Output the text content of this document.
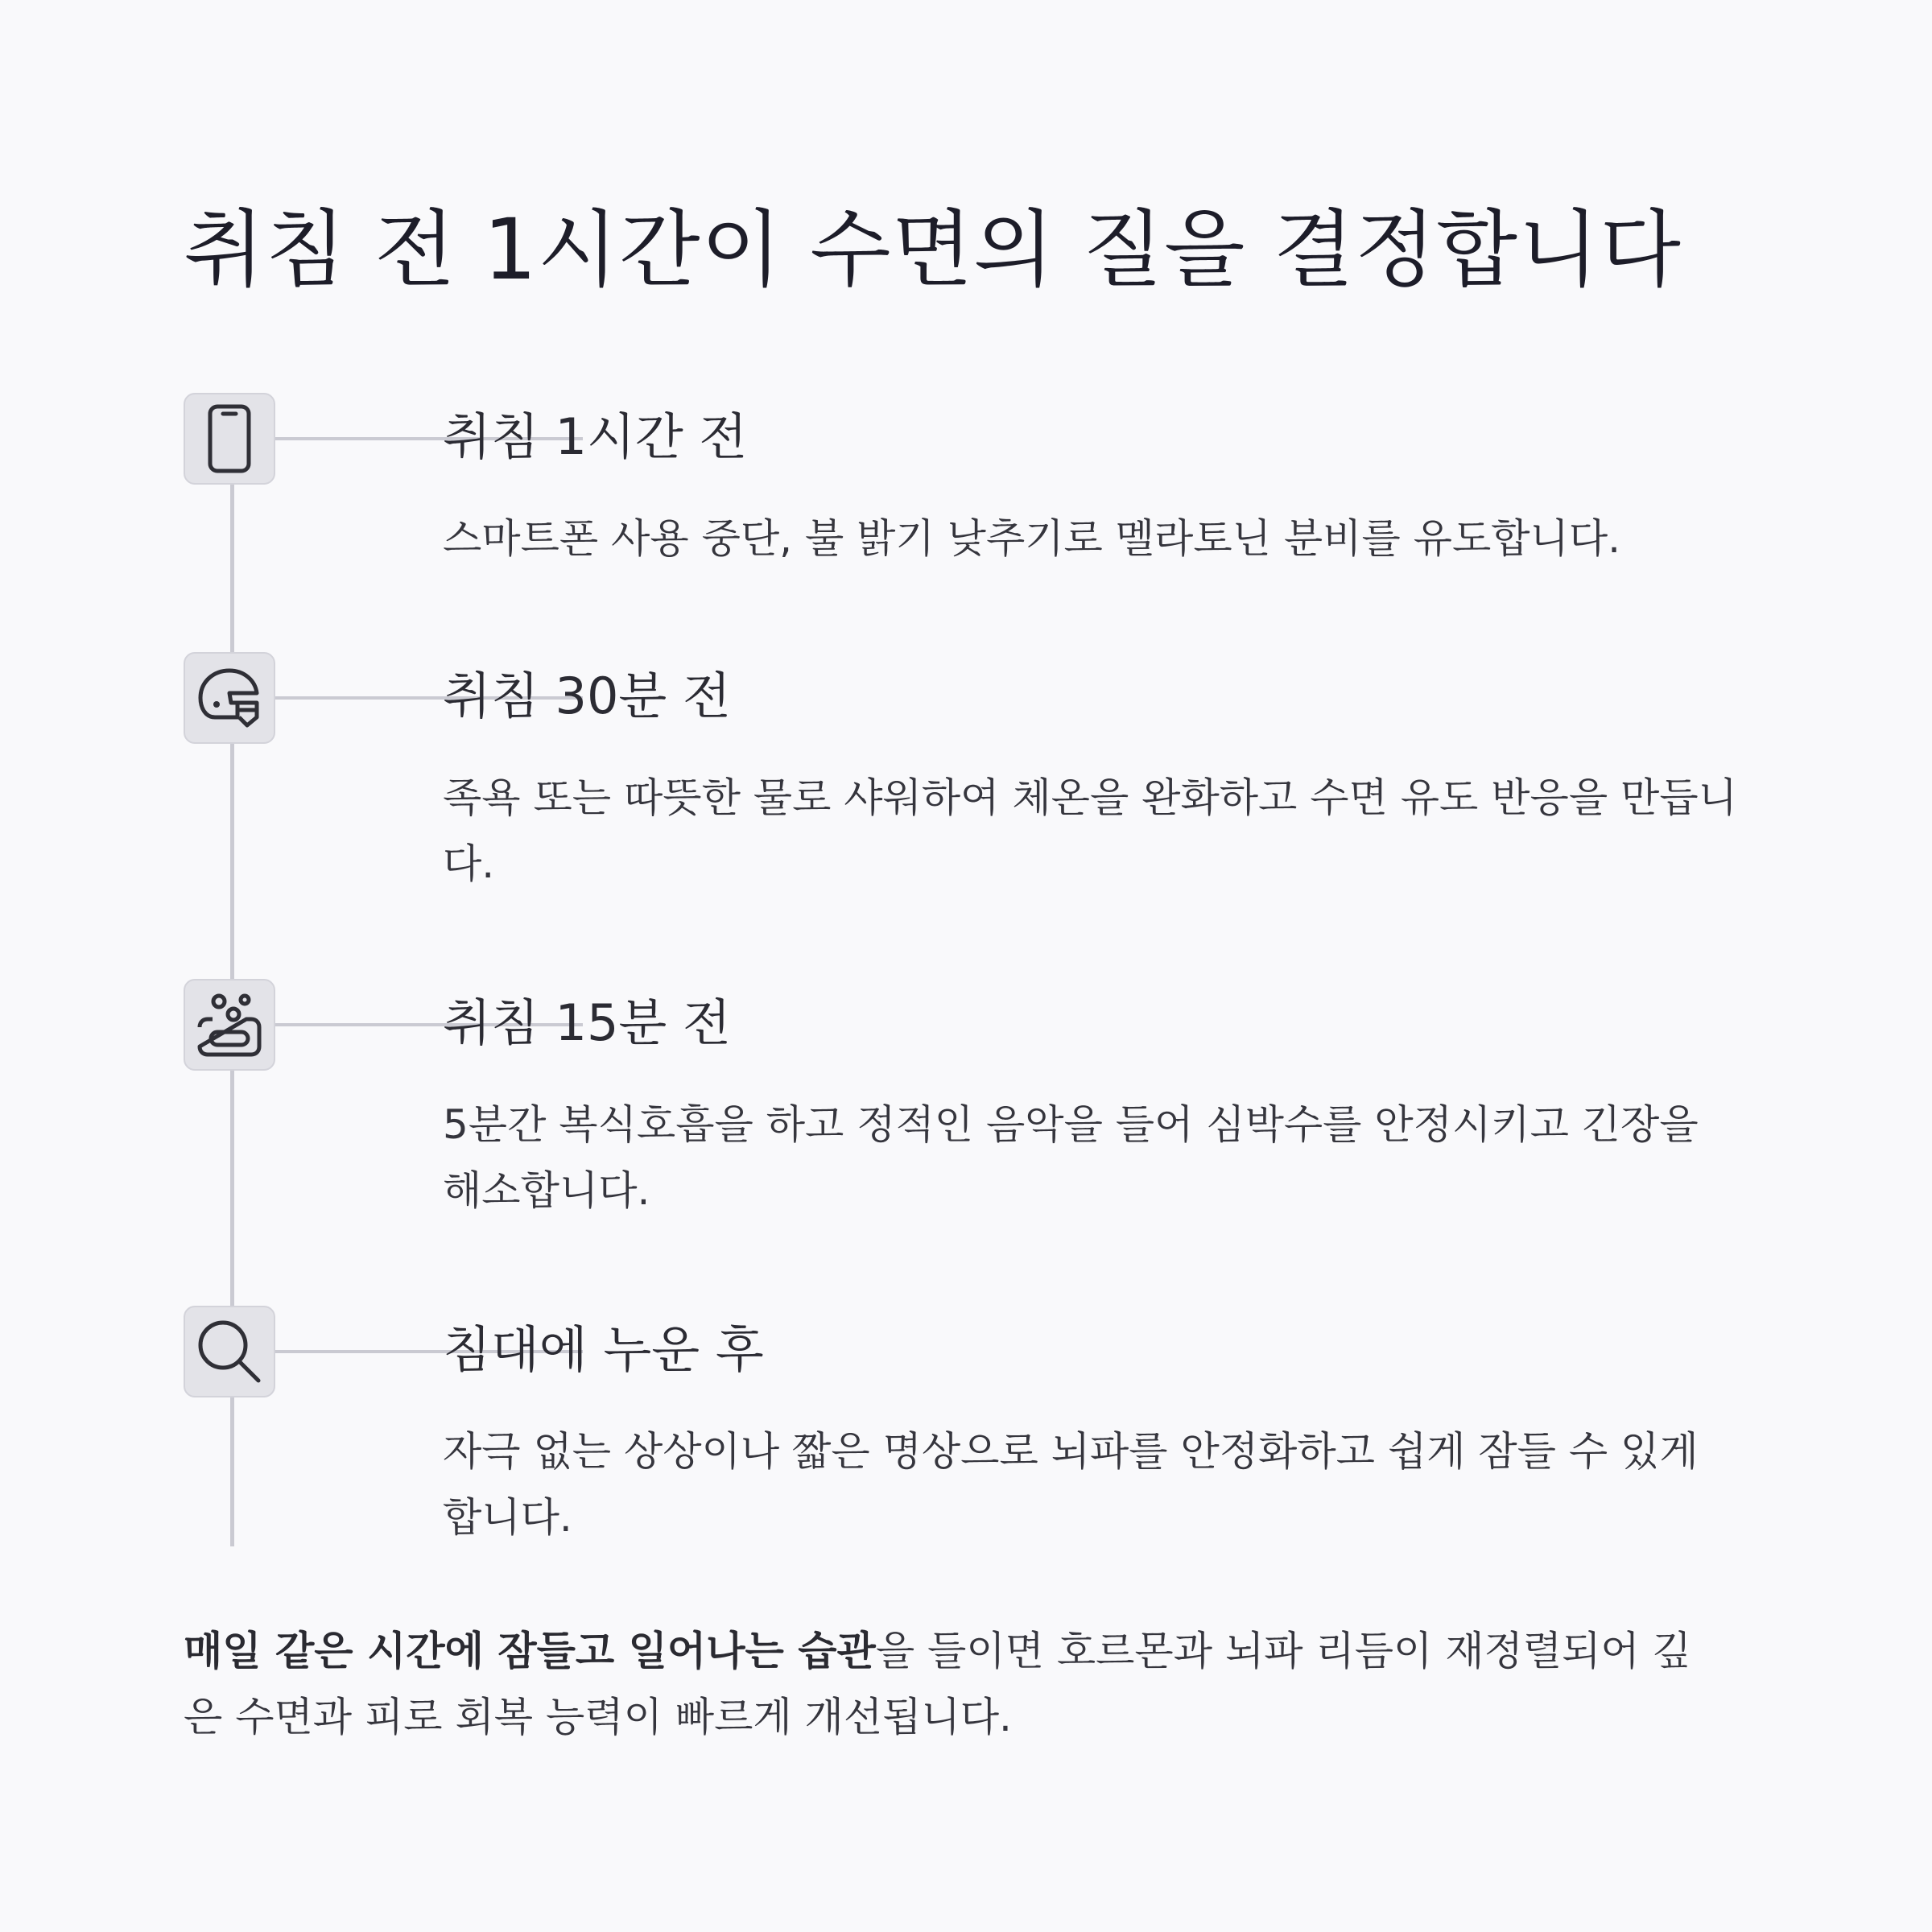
취침 전 1시간이 수면의 질을 결정합니다
취침 1시간 전
스마트폰 사용 중단, 불 밝기 낮추기로 멜라토닌 분비를 유도합니다.
취침 30분 전
족욕 또는 따뜻한 물로 샤워하여 체온을 완화하고 수면 유도 반응을 만듭니다.
취침 15분 전
5분간 복식호흡을 하고 정적인 음악을 들어 심박수를 안정시키고 긴장을 해소합니다.
침대에 누운 후
자극 없는 상상이나 짧은 명상으로 뇌파를 안정화하고 쉽게 잠들 수 있게 합니다.

매일 같은 시간에 잠들고 일어나는 습관을 들이면 호르몬과 뇌파 리듬이 재정렬되어 깊은 수면과 피로 회복 능력이 빠르게 개선됩니다.
